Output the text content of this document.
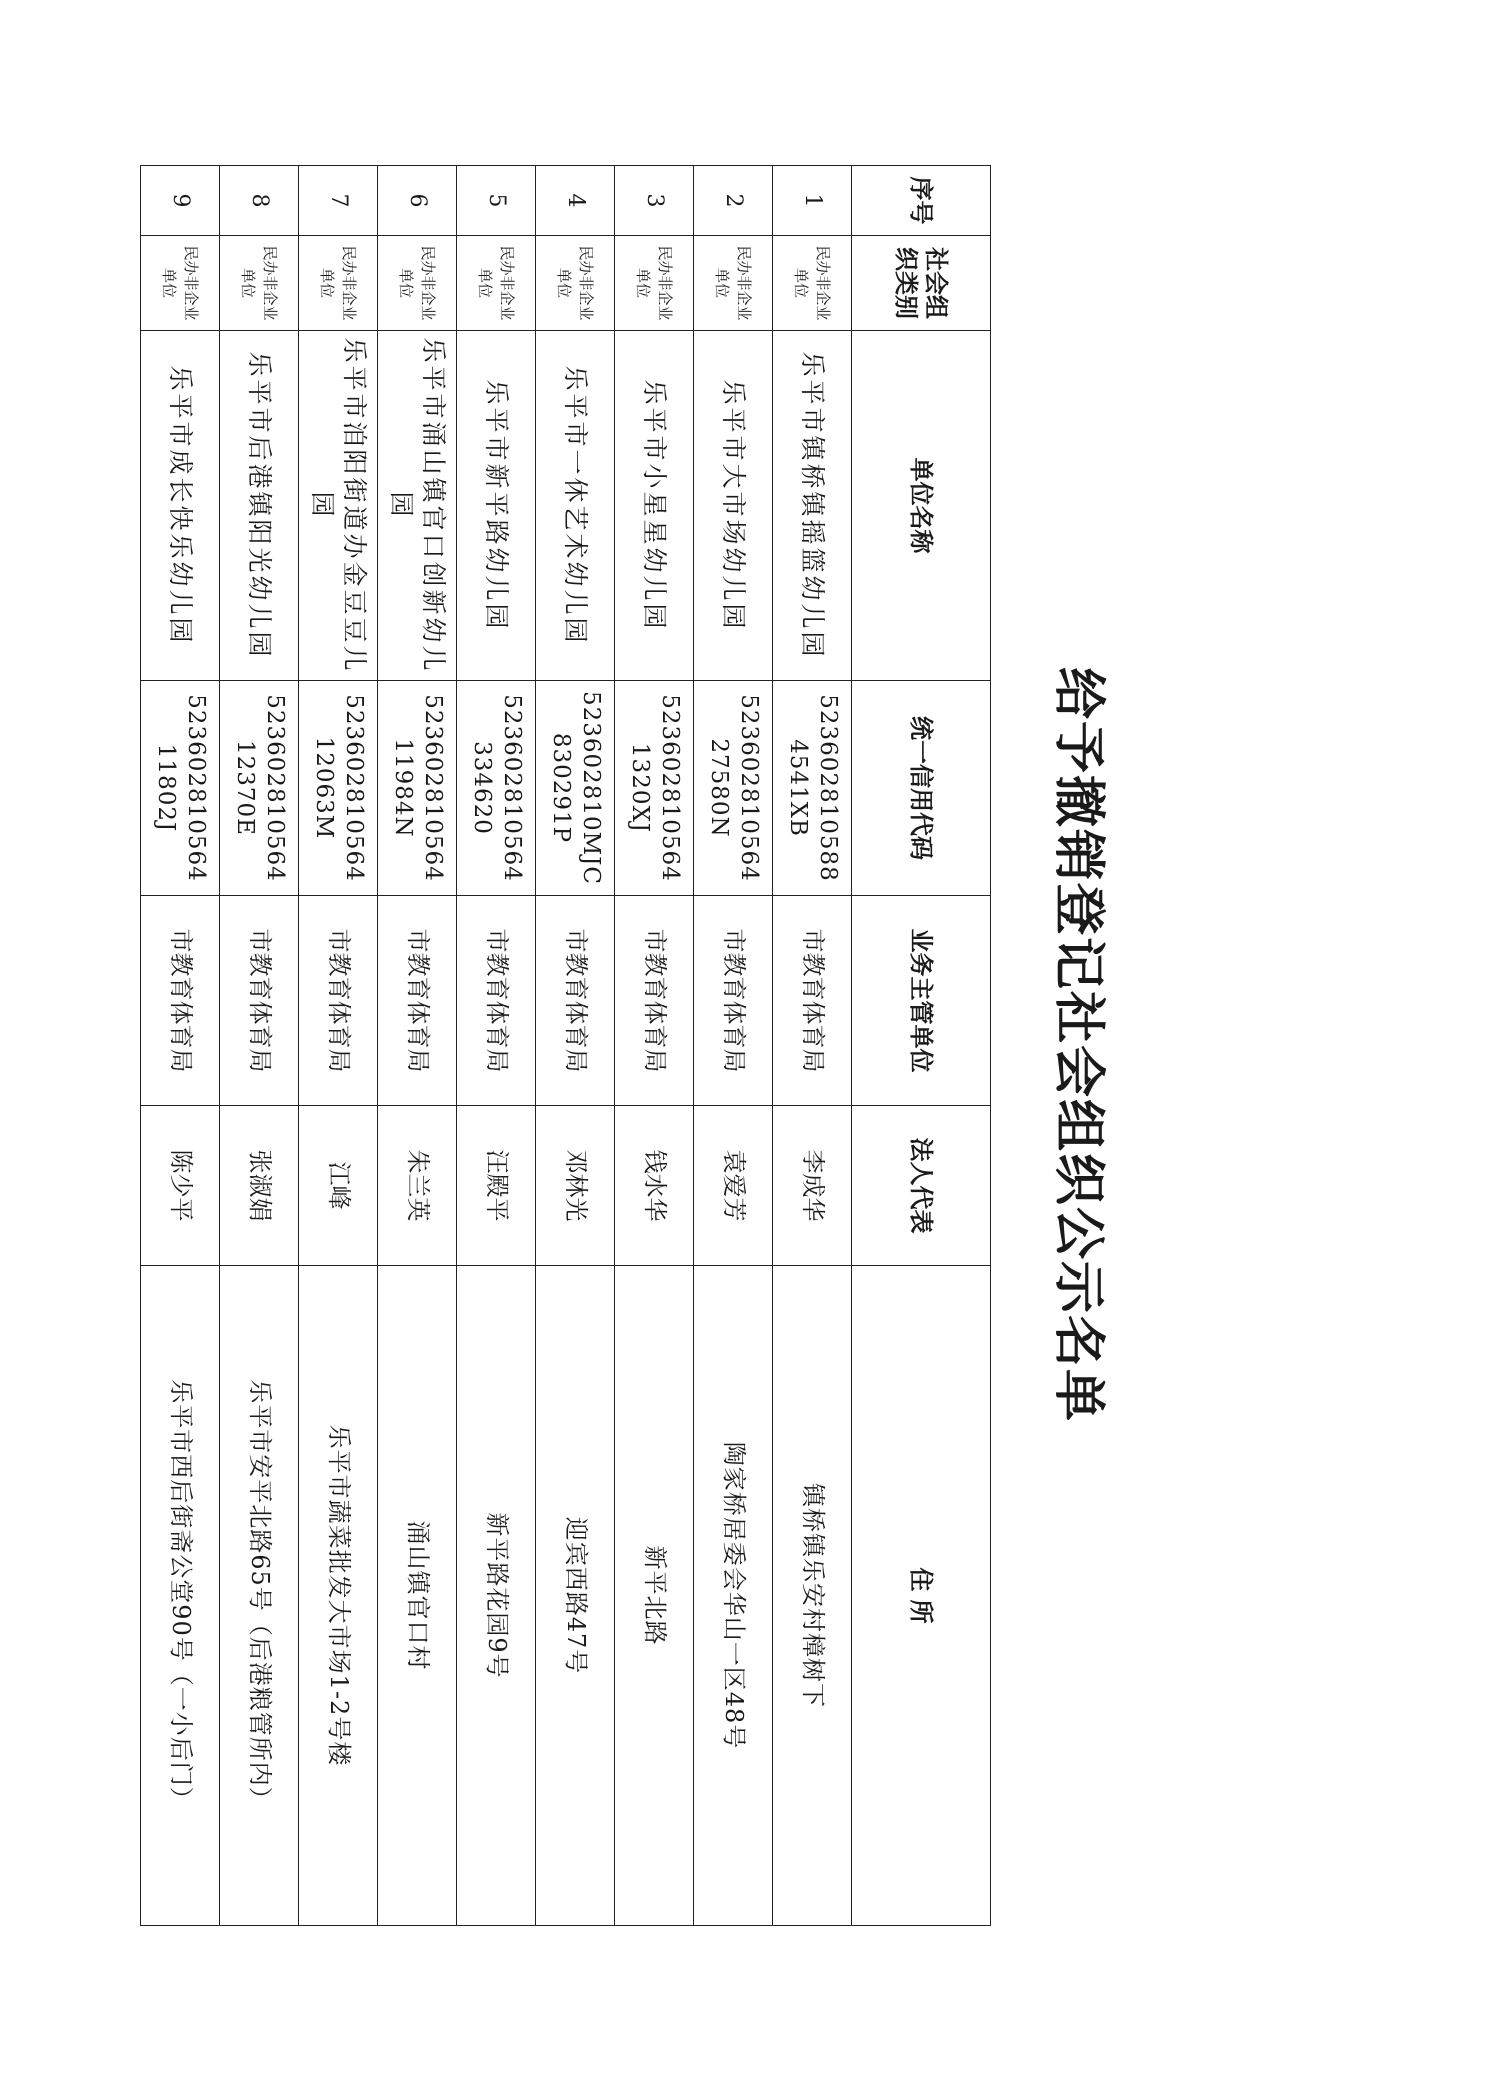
给予撤销登记社会组织公示名单
序号	社会组织类别	单位名称	统一信用代码	业务主管单位	法人代表	住 所
1	民办非企业单位	乐平市镇桥镇摇篮幼儿园	523602810588 4541XB	市教育体育局	李成华	镇桥镇乐安村樟树下
2	民办非企业单位	乐平市大市场幼儿园	523602810564 27580N	市教育体育局	袁爱芳	陶家桥居委会华山一区48号
3	民办非企业单位	乐平市小星星幼儿园	523602810564 1320XJ	市教育体育局	钱水华	新平北路
4	民办非企业单位	乐平市一休艺术幼儿园	523602810MJC 830291P	市教育体育局	邓林光	迎宾西路47号
5	民办非企业单位	乐平市新平路幼儿园	523602810564 334620	市教育体育局	汪殿平	新平路花园9号
6	民办非企业单位	乐平市涌山镇官口创新幼儿园	523602810564 11984N	市教育体育局	朱兰英	涌山镇官口村
7	民办非企业单位	乐平市洎阳街道办金豆豆儿园	523602810564 12063M	市教育体育局	江峰	乐平市蔬菜批发大市场1-2号楼
8	民办非企业单位	乐平市后港镇阳光幼儿园	523602810564 12370E	市教育体育局	张淑娟	乐平市安平北路65号（后港粮管所内）
9	民办非企业单位	乐平市成长快乐幼儿园	523602810564 11802J	市教育体育局	陈少平	乐平市西后街斋公堂90号（一小后门）
